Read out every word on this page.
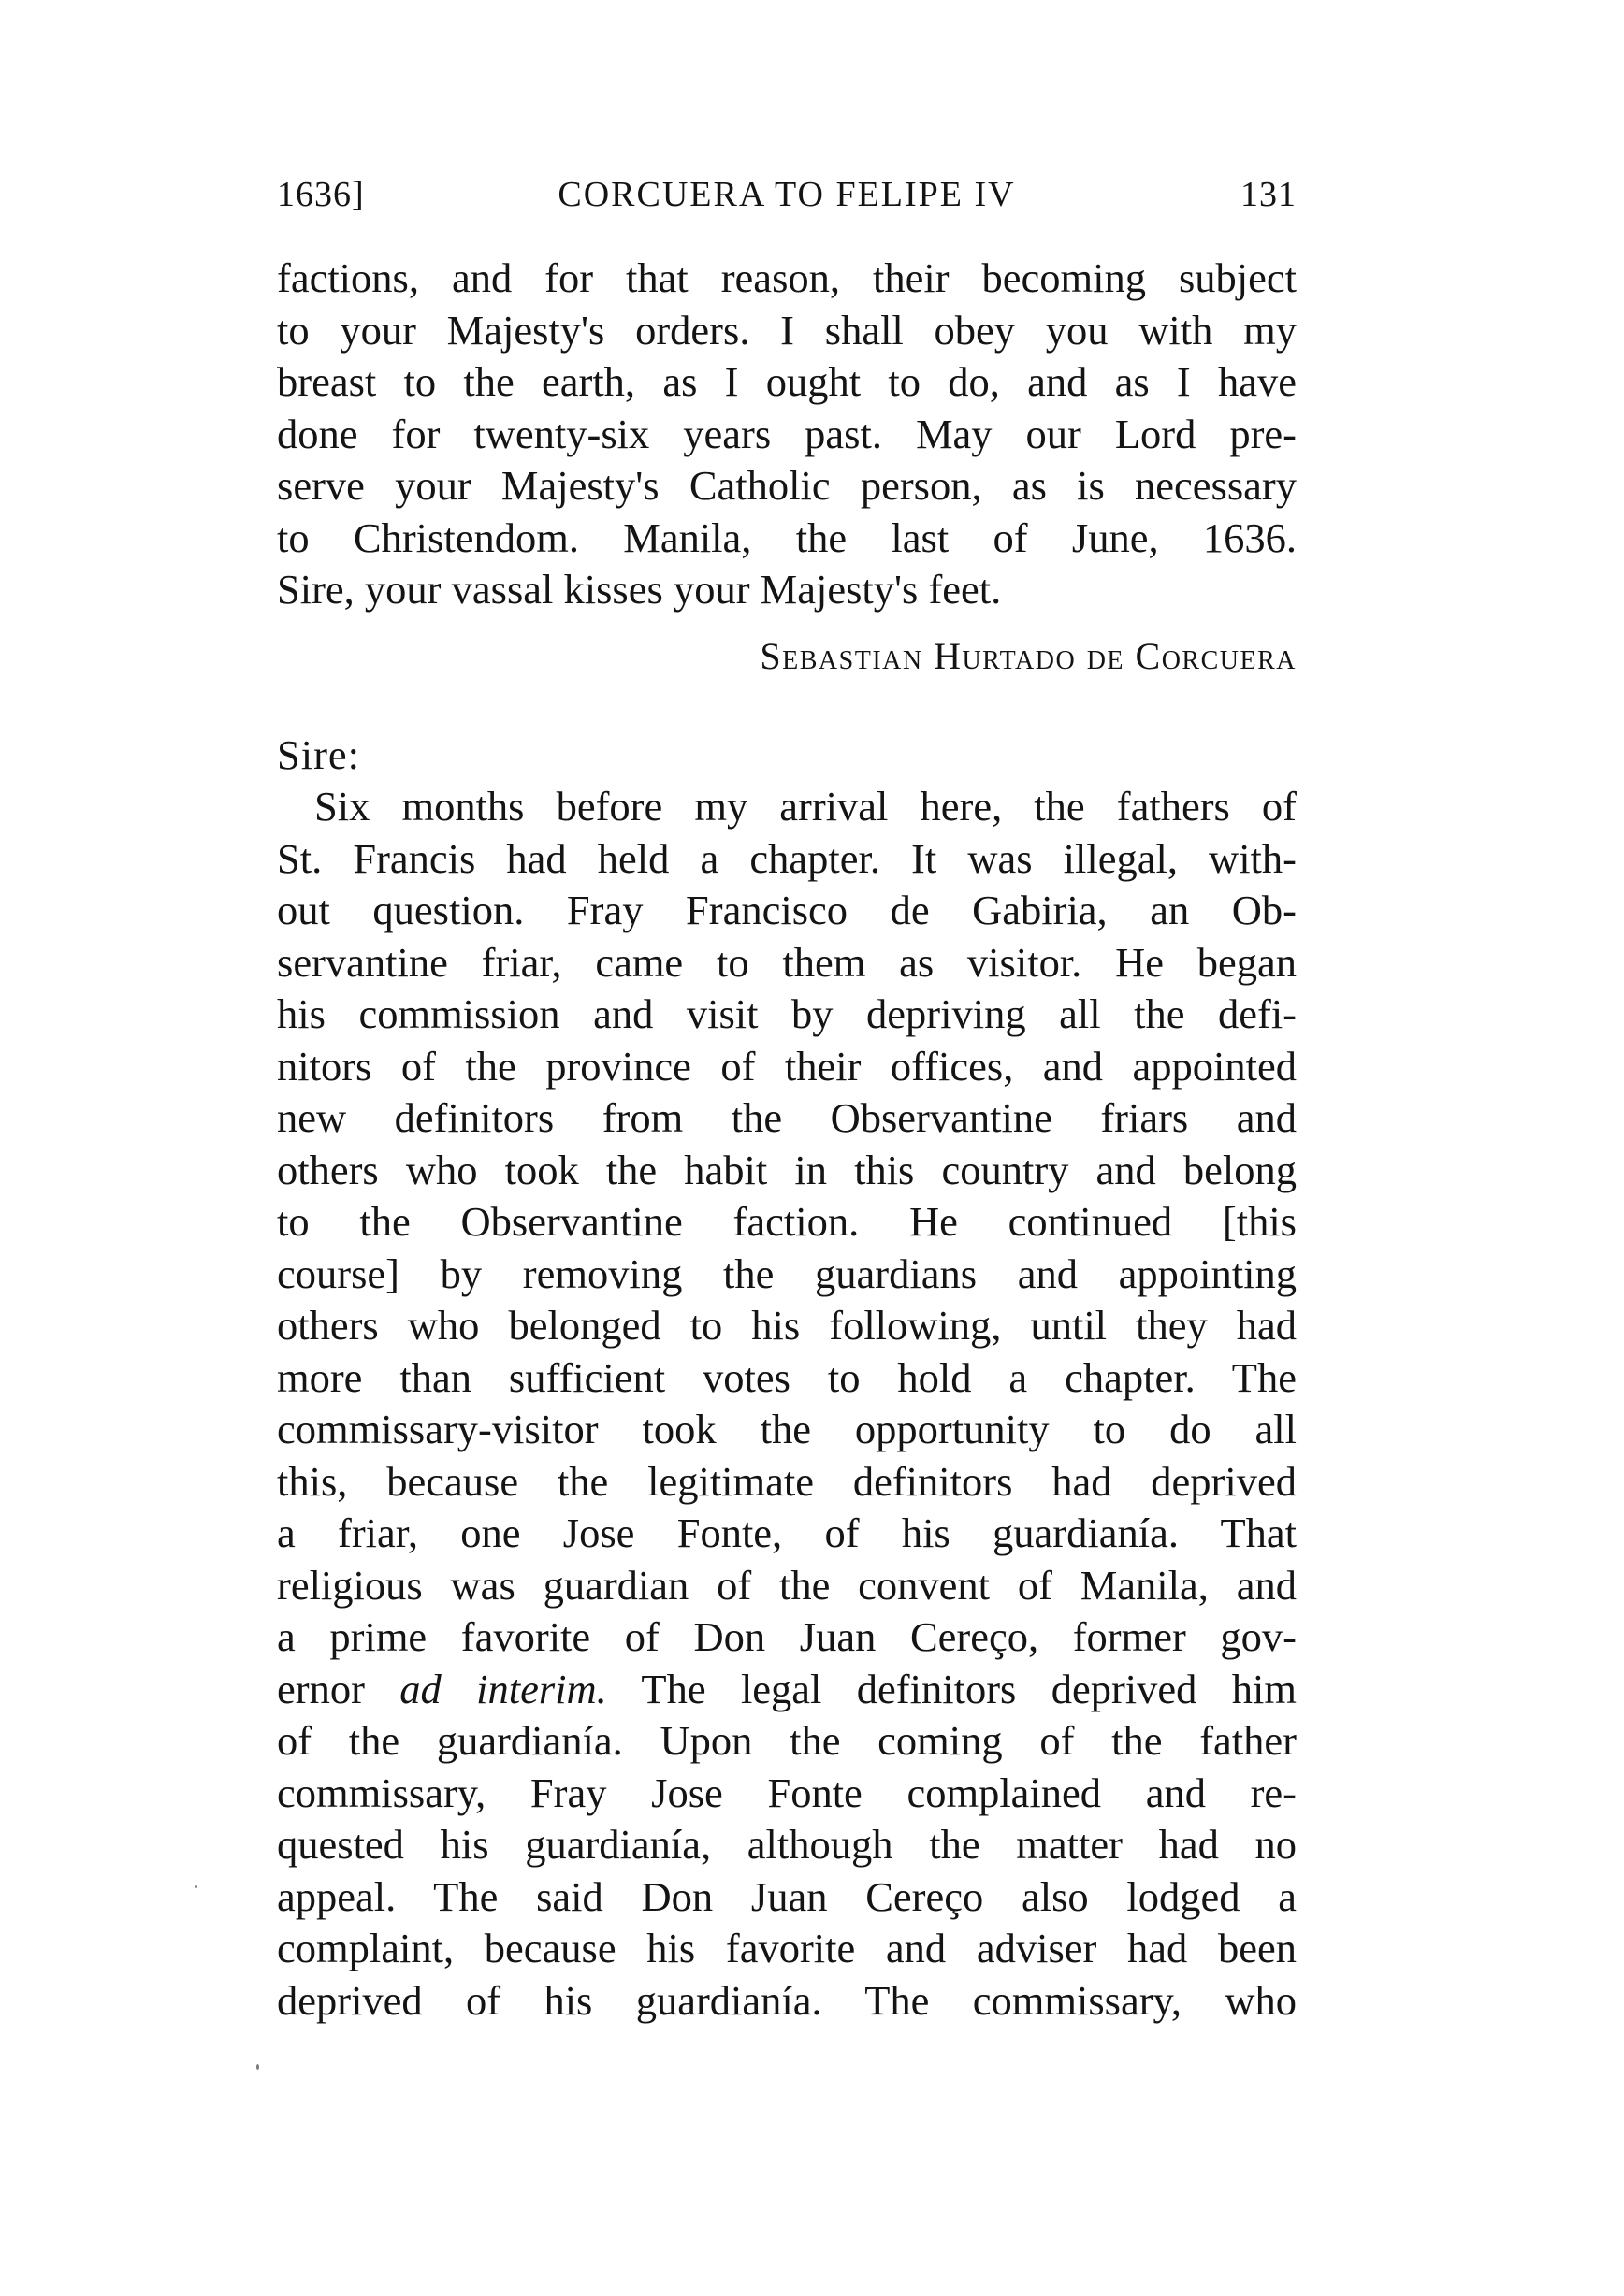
1636]	CORCUERA TO FELIPE IV	131
factions, and for that reason, their becoming subject
to your Majesty's orders. I shall obey you with my
breast to the earth, as I ought to do, and as I have
done for twenty-six years past. May our Lord pre-
serve your Majesty's Catholic person, as is necessary
to Christendom. Manila, the last of June, 1636.
Sire, your vassal kisses your Majesty's feet.
Sebastian Hurtado de Corcuera
Sire:
Six months before my arrival here, the fathers of
St. Francis had held a chapter. It was illegal, with-
out question. Fray Francisco de Gabiria, an Ob-
servantine friar, came to them as visitor. He began
his commission and visit by depriving all the defi-
nitors of the province of their offices, and appointed
new definitors from the Observantine friars and
others who took the habit in this country and belong
to the Observantine faction. He continued [this
course] by removing the guardians and appointing
others who belonged to his following, until they had
more than sufficient votes to hold a chapter. The
commissary-visitor took the opportunity to do all
this, because the legitimate definitors had deprived
a friar, one Jose Fonte, of his guardianía. That
religious was guardian of the convent of Manila, and
a prime favorite of Don Juan Cereço, former gov-
ernor ad interim. The legal definitors deprived him
of the guardianía. Upon the coming of the father
commissary, Fray Jose Fonte complained and re-
quested his guardianía, although the matter had no
appeal. The said Don Juan Cereço also lodged a
complaint, because his favorite and adviser had been
deprived of his guardianía. The commissary, who
